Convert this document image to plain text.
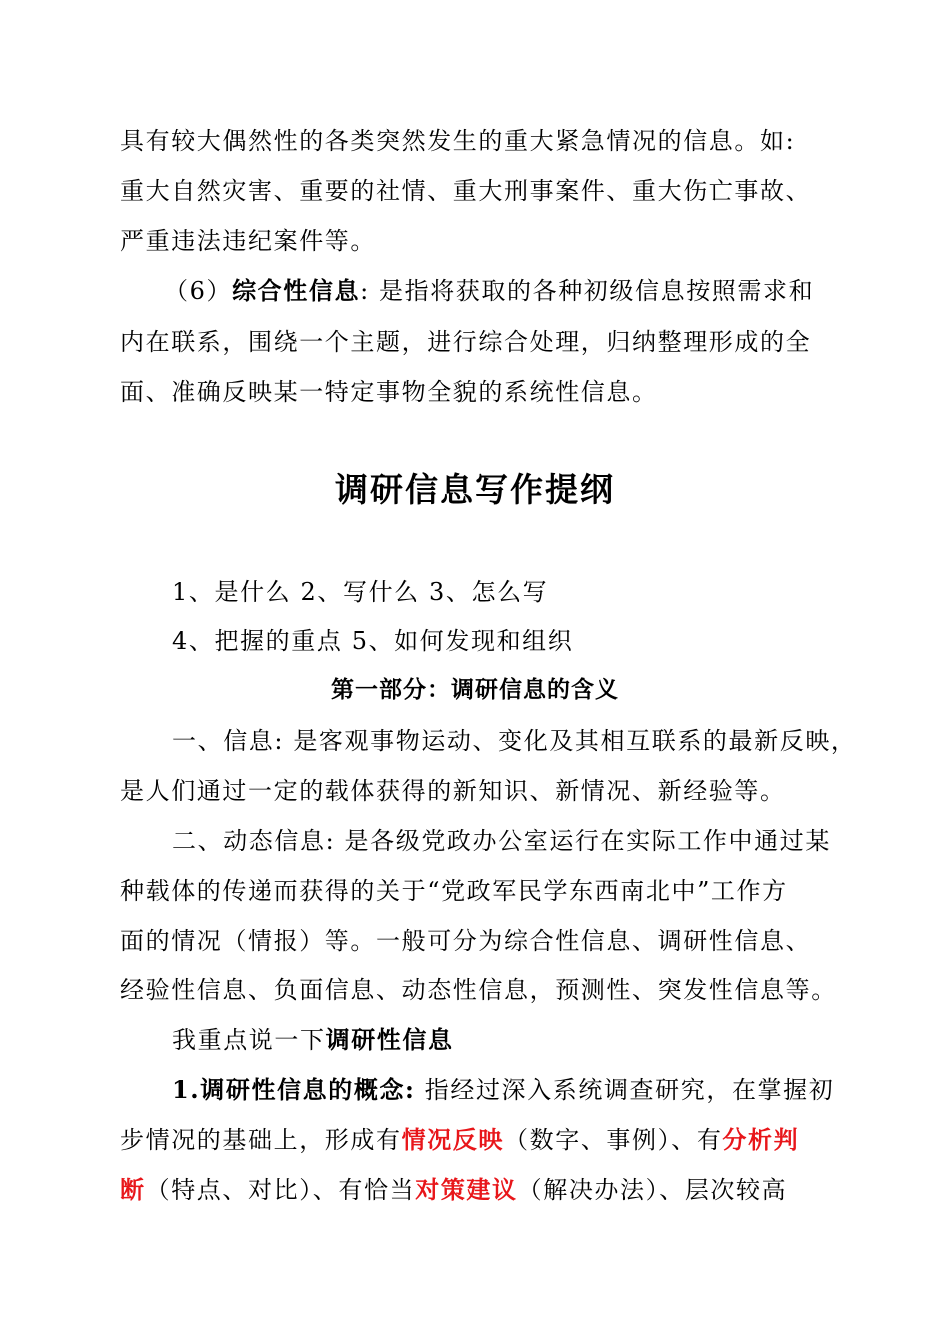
具有较大偶然性的各类突然发生的重大紧急情况的信息。如:
重大自然灾害、重要的社情、重大刑事案件、重大伤亡事故、
严重违法违纪案件等。
（6）综合性信息: 是指将获取的各种初级信息按照需求和
内在联系，围绕一个主题，进行综合处理，归纳整理形成的全
面、准确反映某一特定事物全貌的系统性信息。
调研信息写作提纲
1、是什么 2、写什么 3、怎么写
4、把握的重点 5、如何发现和组织
第一部分：调研信息的含义
一、信息: 是客观事物运动、变化及其相互联系的最新反映，
是人们通过一定的载体获得的新知识、新情况、新经验等。
二、动态信息: 是各级党政办公室运行在实际工作中通过某
种载体的传递而获得的关于“党政军民学东西南北中”工作方
面的情况（情报）等。一般可分为综合性信息、调研性信息、
经验性信息、负面信息、动态性信息，预测性、突发性信息等。
我重点说一下调研性信息
1.调研性信息的概念: 指经过深入系统调查研究，在掌握初
步情况的基础上，形成有情况反映（数字、事例）、有分析判
断（特点、对比）、有恰当对策建议（解决办法）、层次较高
